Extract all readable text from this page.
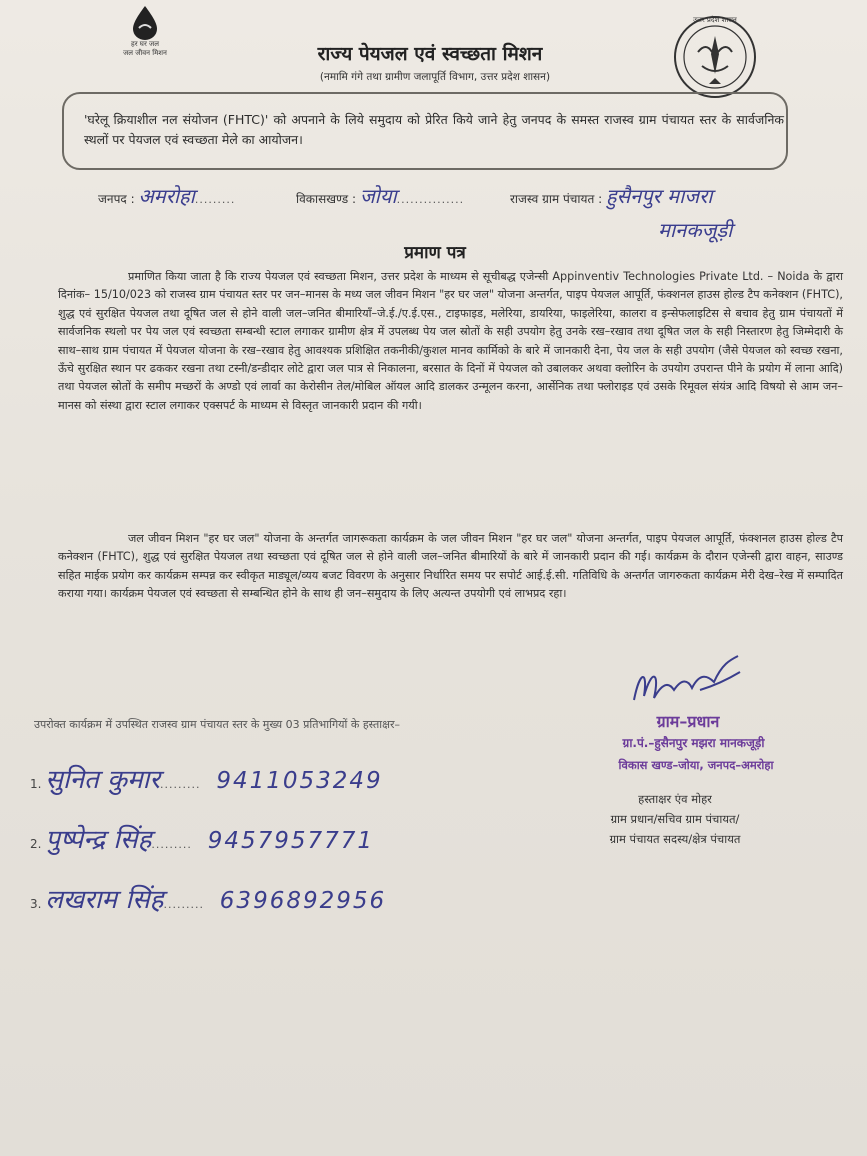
हर घर जल
जल जीवन मिशन
उत्तर प्रदेश शासन
राज्य पेयजल एवं स्वच्छता मिशन
(नमामि गंगे तथा ग्रामीण जलापूर्ति विभाग, उत्तर प्रदेश शासन)
'घरेलू क्रियाशील नल संयोजन (FHTC)' को अपनाने के लिये समुदाय को प्रेरित किये जाने हेतु जनपद के समस्त राजस्व ग्राम पंचायत स्तर के सार्वजनिक स्थलों पर पेयजल एवं स्वच्छता मेले का आयोजन।
जनपद : अमरोहा.........	विकासखण्ड : जोया...............	राजस्व ग्राम पंचायत : हुसैनपुर माजरा
मानकजूड़ी
प्रमाण पत्र
प्रमाणित किया जाता है कि राज्य पेयजल एवं स्वच्छता मिशन, उत्तर प्रदेश के माध्यम से सूचीबद्ध एजेन्सी Appinventiv Technologies Private Ltd. – Noida के द्वारा दिनांक– 15/10/023 को राजस्व ग्राम पंचायत स्तर पर जन–मानस के मध्य जल जीवन मिशन "हर घर जल" योजना अन्तर्गत, पाइप पेयजल आपूर्ति, फंक्शनल हाउस होल्ड टैप कनेक्शन (FHTC), शुद्ध एवं सुरक्षित पेयजल तथा दूषित जल से होने वाली जल–जनित बीमारियाँ–जे.ई./ए.ई.एस., टाइफाइड, मलेरिया, डायरिया, फाइलेरिया, कालरा व इन्सेफलाइटिस से बचाव हेतु ग्राम पंचायतों में सार्वजनिक स्थलो पर पेय जल एवं स्वच्छता सम्बन्धी स्टाल लगाकर ग्रामीण क्षेत्र में उपलब्ध पेय जल स्रोतों के सही उपयोग हेतु उनके रख–रखाव तथा दूषित जल के सही निस्तारण हेतु जिम्मेदारी के साथ–साथ ग्राम पंचायत में पेयजल योजना के रख–रखाव हेतु आवश्यक प्रशिक्षित तकनीकी/कुशल मानव कार्मिको के बारे में जानकारी देना, पेय जल के सही उपयोग (जैसे पेयजल को स्वच्छ रखना, ऊँचे सुरक्षित स्थान पर ढककर रखना तथा टस्नी/डन्डीदार लोटे द्वारा जल पात्र से निकालना, बरसात के दिनों में पेयजल को उबालकर अथवा क्लोरिन के उपयोग उपरान्त पीने के प्रयोग में लाना आदि) तथा पेयजल स्रोतों के समीप मच्छरों के अण्डो एवं लार्वा का केरोसीन तेल/मोबिल ऑयल आदि डालकर उन्मूलन करना, आर्सेनिक तथा फ्लोराइड एवं उसके रिमूवल संयंत्र आदि विषयो से आम जन–मानस को संस्था द्वारा स्टाल लगाकर एक्सपर्ट के माध्यम से विस्तृत जानकारी प्रदान की गयी।
जल जीवन मिशन "हर घर जल" योजना के अन्तर्गत जागरूकता कार्यक्रम के जल जीवन मिशन "हर घर जल" योजना अन्तर्गत, पाइप पेयजल आपूर्ति, फंक्शनल हाउस होल्ड टैप कनेक्शन (FHTC), शुद्ध एवं सुरक्षित पेयजल तथा स्वच्छता एवं दूषित जल से होने वाली जल–जनित बीमारियों के बारे में जानकारी प्रदान की गई। कार्यक्रम के दौरान एजेन्सी द्वारा वाहन, साउण्ड सहित माईक प्रयोग कर कार्यक्रम सम्पन्न कर स्वीकृत माड्यूल/व्यय बजट विवरण के अनुसार निर्धारित समय पर सपोर्ट आई.ई.सी. गतिविधि के अन्तर्गत जागरुकता कार्यक्रम मेरी देख–रेख में सम्पादित कराया गया। कार्यक्रम पेयजल एवं स्वच्छता से सम्बन्धित होने के साथ ही जन–समुदाय के लिए अत्यन्त उपयोगी एवं लाभप्रद रहा।
उपरोक्त कार्यक्रम में उपस्थित राजस्व ग्राम पंचायत स्तर के मुख्य 03 प्रतिभागियों के हस्ताक्षर–
1. सुनित कुमार......... 9411053249
2. पुष्पेन्द्र सिंह......... 9457957771
3. लखराम सिंह......... 6396892956
ग्राम–प्रधान
ग्रा.पं.–हुसैनपुर मझरा मानकजूड़ी
विकास खण्ड–जोया, जनपद–अमरोहा
हस्ताक्षर एंव मोहर
ग्राम प्रधान/सचिव ग्राम पंचायत/
ग्राम पंचायत सदस्य/क्षेत्र पंचायत
